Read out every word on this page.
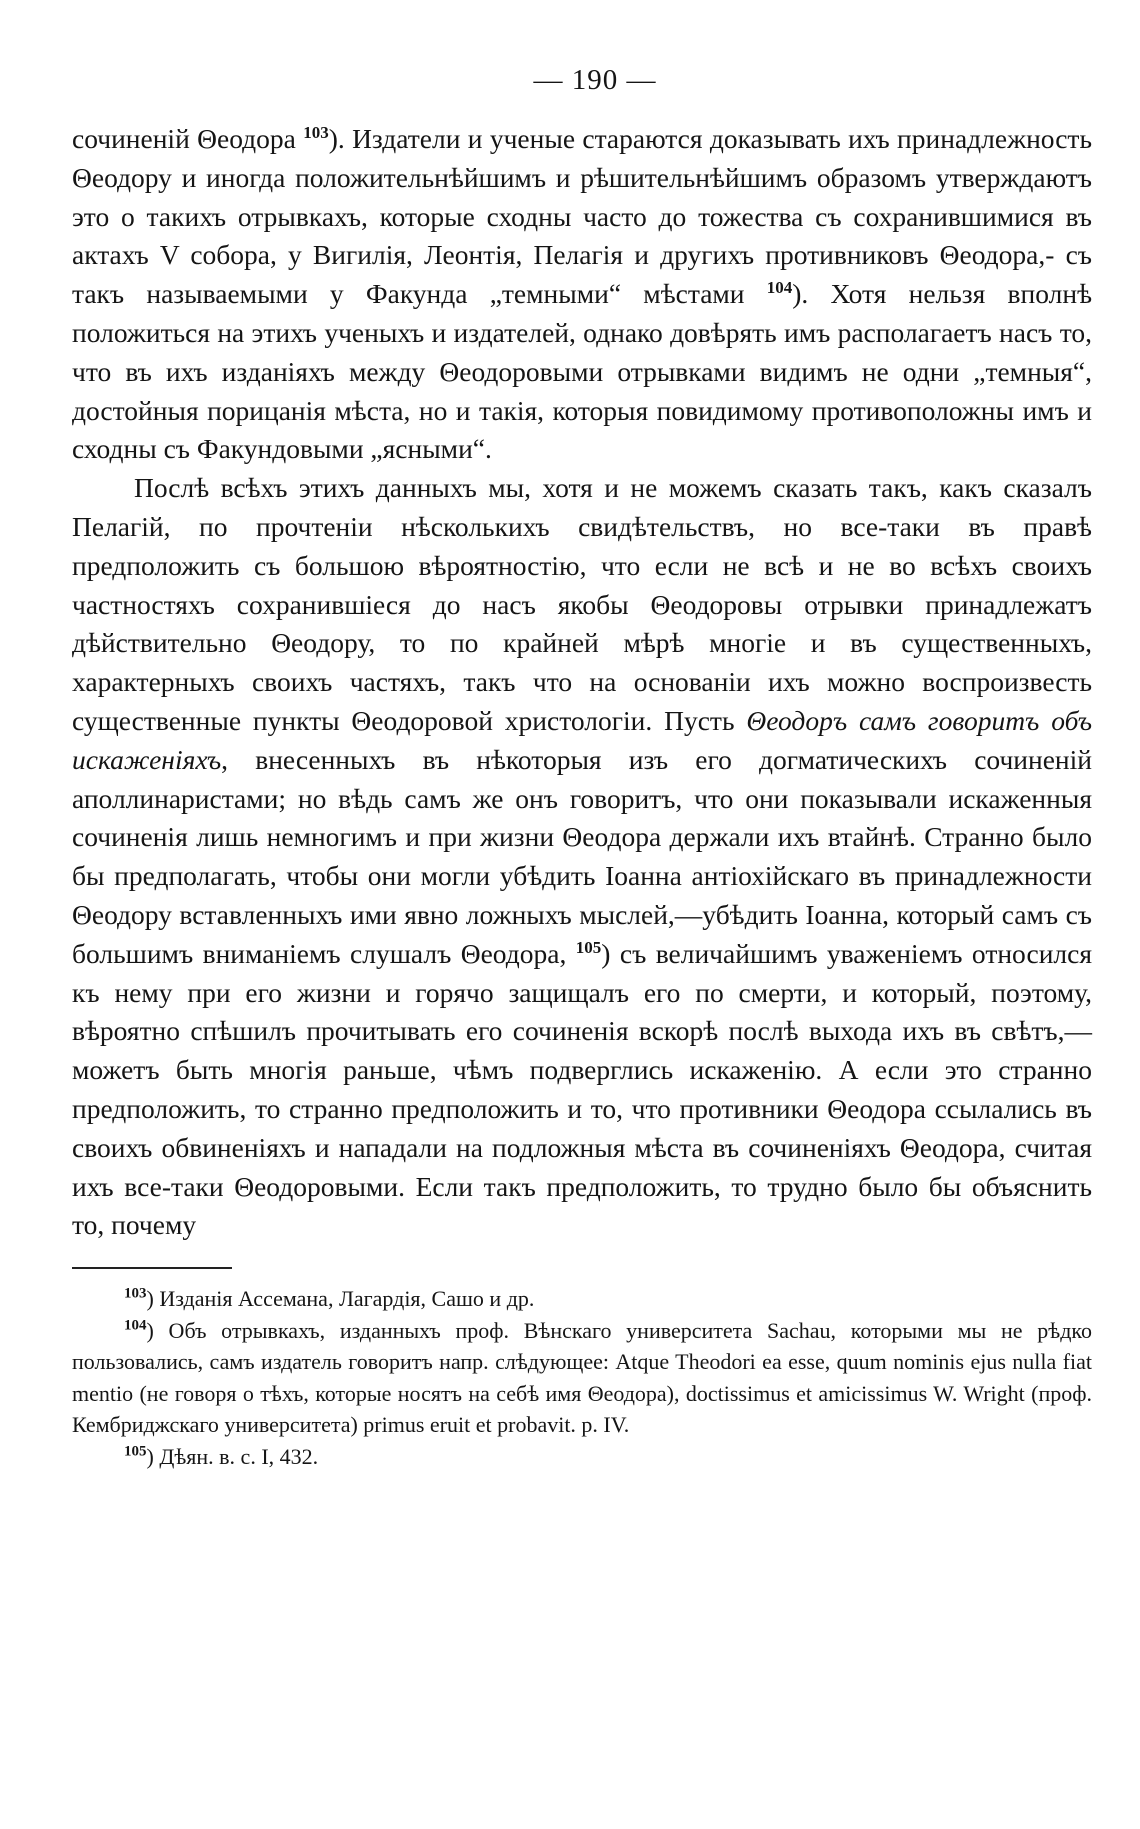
— 190 —

сочиненій Θеодора $^{103}$). Издатели и ученые стараются доказывать ихъ принадлежность Θеодору и иногда положительнѣйшимъ и рѣшительнѣйшимъ образомъ утверждаютъ это о такихъ отрывкахъ, которые сходны часто до тожества съ сохранившимися въ актахъ V собора, у Вигилія, Леонтія, Пелагія и другихъ противниковъ Θеодора,- съ такъ называемыми у Факунда „темными“ мѣстами $^{104}$). Хотя нельзя вполнѣ положиться на этихъ ученыхъ и издателей, однако довѣрять имъ располагаетъ насъ то, что въ ихъ изданіяхъ между Θеодоровыми отрывками видимъ не одни „темныя“, достойныя порицанія мѣста, но и такія, которыя повидимому противоположны имъ и сходны съ Факундовыми „ясными“.

Послѣ всѣхъ этихъ данныхъ мы, хотя и не можемъ сказать такъ, какъ сказалъ Пелагій, по прочтеніи нѣсколькихъ свидѣтельствъ, но все-таки въ правѣ предположить съ большою вѣроятностію, что если не всѣ и не во всѣхъ своихъ частностяхъ сохранившіеся до насъ якобы Θеодоровы отрывки принадлежатъ дѣйствительно Θеодору, то по крайней мѣрѣ многіе и въ существенныхъ, характерныхъ своихъ частяхъ, такъ что на основаніи ихъ можно воспроизвесть существенные пункты Θеодоровой христологіи. Пусть Θеодоръ самъ говоритъ объ искаженіяхъ, внесенныхъ въ нѣкоторыя изъ его догматическихъ сочиненій аполлинаристами; но вѣдь самъ же онъ говоритъ, что они показывали искаженныя сочиненія лишь немногимъ и при жизни Θеодора держали ихъ втайнѣ. Странно было бы предполагать, чтобы они могли убѣдить Іоанна антіохійскаго въ принадлежности Θеодору вставленныхъ ими явно ложныхъ мыслей,—убѣдить Іоанна, который самъ съ большимъ вниманіемъ слушалъ Θеодора, $^{105}$) съ величайшимъ уваженіемъ относился къ нему при его жизни и горячо защищалъ его по смерти, и который, поэтому, вѣроятно спѣшилъ прочитывать его сочиненія вскорѣ послѣ выхода ихъ въ свѣтъ,—можетъ быть многія раньше, чѣмъ подверглись искаженію. А если это странно предположить, то странно предположить и то, что противники Θеодора ссылались въ своихъ обвиненіяхъ и нападали на подложныя мѣста въ сочиненіяхъ Θеодора, считая ихъ все-таки Θеодоровыми. Если такъ предположить, то трудно было бы объяснить то, почему

$^{103}$) Изданія Ассемана, Лагардія, Сашо и др.

$^{104}$) Объ отрывкахъ, изданныхъ проф. Вѣнскаго университета Sachau, которыми мы не рѣдко пользовались, самъ издатель говоритъ напр. слѣдующее: Atque Theodori ea esse, quum nominis ejus nulla fiat mentio (не говоря о тѣхъ, которые носятъ на себѣ имя Θеодора), doctissimus et amicissimus W. Wright (проф. Кембриджскаго университета) primus eruit et probavit. p. IV.

$^{105}$) Дѣян. в. с. I, 432.
